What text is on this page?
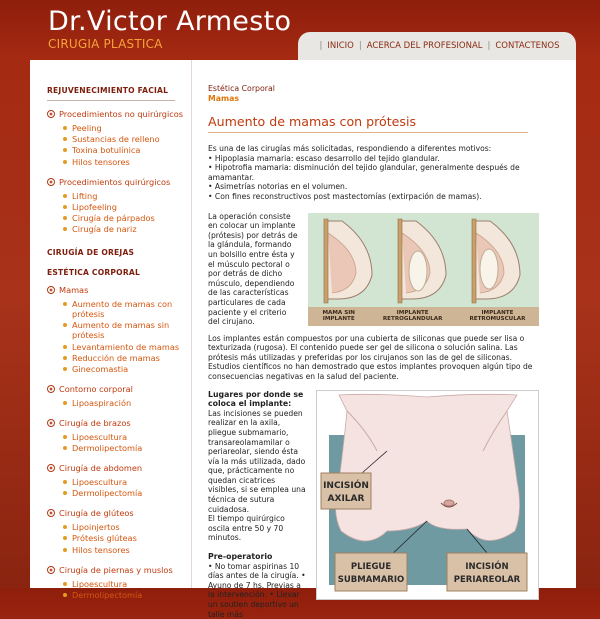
Dr.Victor Armesto
CIRUGIA PLASTICA	| INICIO | ACERCA DEL PROFESIONAL | CONTACTENOS
REJUVENECIMIENTO FACIAL
Procedimientos no quirúrgicos
Peeling
Sustancias de relleno
Toxina botulínica
Hilos tensores
Procedimientos quirúrgicos
Lifting
Lipofeeling
Cirugía de párpados
Cirugía de nariz
CIRUGÍA DE OREJAS
ESTÉTICA CORPORAL
Mamas
Aumento de mamas con prótesis
Aumento de mamas sin prótesis
Levantamiento de mamas
Reducción de mamas
Ginecomastia
Contorno corporal
Lipoaspiración
Cirugía de brazos
Lipoescultura
Dermolipectomía
Cirugía de abdomen
Lipoescultura
Dermolipectomía
Cirugía de glúteos
Lipoinjertos
Prótesis glúteas
Hilos tensores
Cirugía de piernas y muslos
Lipoescultura
Dermolipectomía
Estética Corporal
Mamas
Aumento de mamas con prótesis
Es una de las cirugías más solicitadas, respondiendo a diferentes motivos:
• Hipoplasia mamaria: escaso desarrollo del tejido glandular.
• Hipotrofia mamaria: disminución del tejido glandular, generalmente después de amamantar.
• Asimetrías notorias en el volumen.
• Con fines reconstructivos post mastectomías (extirpación de mamas).
La operación consiste en colocar un implante (prótesis) por detrás de la glándula, formando un bolsillo entre ésta y el músculo pectoral o por detrás de dicho músculo, dependiendo de las características particulares de cada paciente y el criterio del cirujano.
MAMA SIN IMPLANTE
IMPLANTE RETROGLANDULAR
IMPLANTE RETROMUSCULAR
Los implantes están compuestos por una cubierta de siliconas que puede ser lisa o texturizada (rugosa). El contenido puede ser gel de silicona o solución salina. Las prótesis más utilizadas y preferidas por los cirujanos son las de gel de siliconas. Estudios científicos no han demostrado que estos implantes provoquen algún tipo de consecuencias negativas en la salud del paciente.
Lugares por donde se coloca el implante:
Las incisiones se pueden realizar en la axila, pliegue submamario, transareolamamilar o periareolar, siendo ésta vía la más utilizada, dado que, prácticamente no quedan cicatrices visibles, si se emplea una técnica de sutura cuidadosa.
El tiempo quirúrgico oscila entre 50 y 70 minutos.
Pre-operatorio
• No tomar aspirinas 10 días antes de la cirugía. • Ayuno de 7 hs. Previas a la intervención. • Llevar un soutien deportivo un talle más
INCISIÓN
AXILAR
PLIEGUE
SUBMAMARIO
INCISIÓN
PERIAREOLAR
